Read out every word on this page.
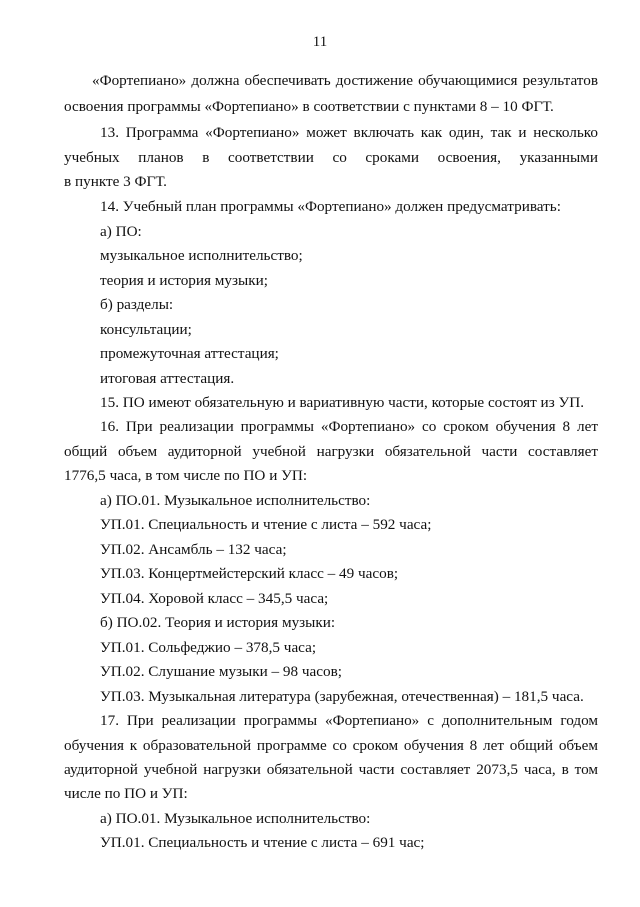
11
«Фортепиано» должна обеспечивать достижение обучающимися результатов
освоения программы «Фортепиано» в соответствии с пунктами 8 – 10 ФГТ.
13. Программа «Фортепиано» может включать как один, так и несколько
учебных планов в соответствии со сроками освоения, указанными
в пункте 3 ФГТ.
14. Учебный план программы «Фортепиано» должен предусматривать:
а) ПО:
музыкальное исполнительство;
теория и история музыки;
б) разделы:
консультации;
промежуточная аттестация;
итоговая аттестация.
15. ПО имеют обязательную и вариативную части, которые состоят из УП.
16. При реализации программы «Фортепиано» со сроком обучения 8 лет
общий объем аудиторной учебной нагрузки обязательной части составляет
1776,5 часа, в том числе по ПО и УП:
а) ПО.01. Музыкальное исполнительство:
УП.01. Специальность и чтение с листа – 592 часа;
УП.02. Ансамбль – 132 часа;
УП.03. Концертмейстерский класс – 49 часов;
УП.04. Хоровой класс – 345,5 часа;
б) ПО.02. Теория и история музыки:
УП.01. Сольфеджио – 378,5 часа;
УП.02. Слушание музыки – 98 часов;
УП.03. Музыкальная литература (зарубежная, отечественная) – 181,5 часа.
17. При реализации программы «Фортепиано» с дополнительным годом
обучения к образовательной программе со сроком обучения 8 лет общий объем
аудиторной учебной нагрузки обязательной части составляет 2073,5 часа, в том
числе по ПО и УП:
а) ПО.01. Музыкальное исполнительство:
УП.01. Специальность и чтение с листа – 691 час;
